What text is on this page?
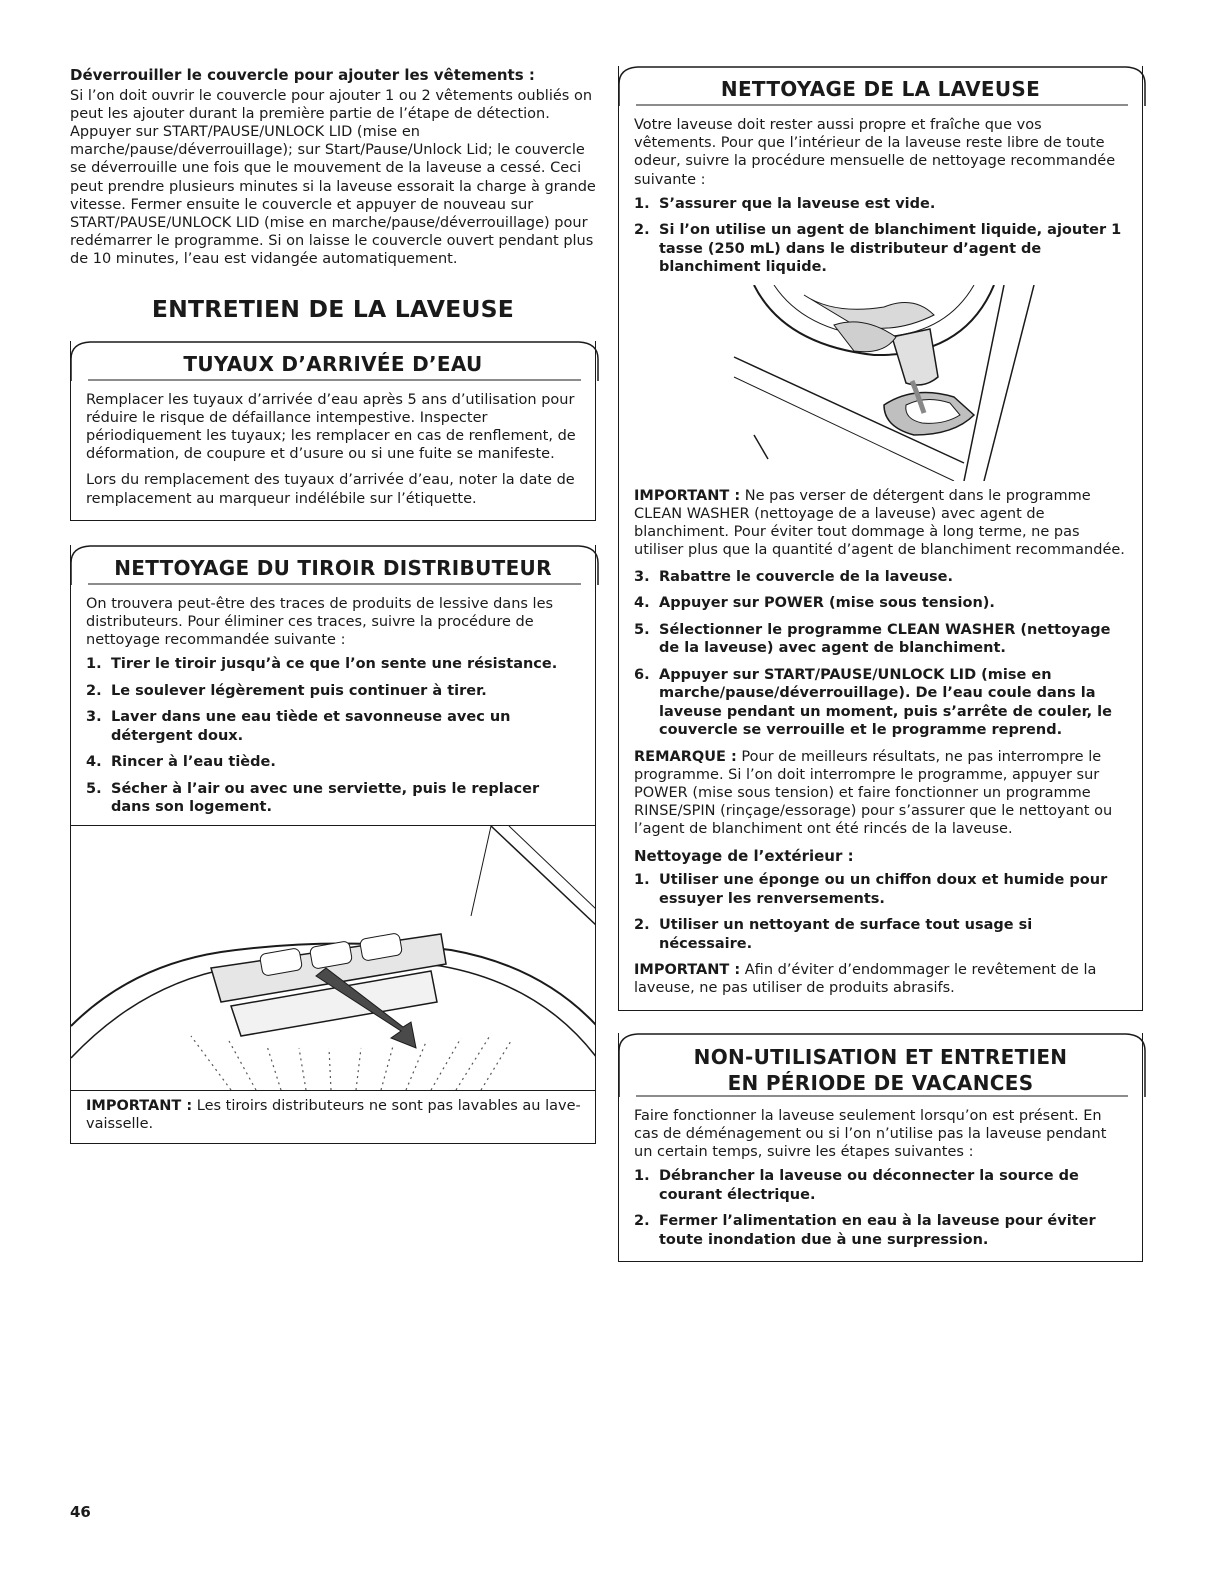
Déverrouiller le couvercle pour ajouter les vêtements :

Si l’on doit ouvrir le couvercle pour ajouter 1 ou 2 vêtements oubliés on peut les ajouter durant la première partie de l’étape de détection. Appuyer sur START/PAUSE/UNLOCK LID (mise en marche/pause/déverrouillage); sur Start/Pause/Unlock Lid; le couvercle se déverrouille une fois que le mouvement de la laveuse a cessé. Ceci peut prendre plusieurs minutes si la laveuse essorait la charge à grande vitesse. Fermer ensuite le couvercle et appuyer de nouveau sur START/PAUSE/UNLOCK LID (mise en marche/pause/déverrouillage) pour redémarrer le programme. Si on laisse le couvercle ouvert pendant plus de 10 minutes, l’eau est vidangée automatiquement.

ENTRETIEN DE LA LAVEUSE
TUYAUX D’ARRIVÉE D’EAU

Remplacer les tuyaux d’arrivée d’eau après 5 ans d’utilisation pour réduire le risque de défaillance intempestive. Inspecter périodiquement les tuyaux; les remplacer en cas de renflement, de déformation, de coupure et d’usure ou si une fuite se manifeste.

Lors du remplacement des tuyaux d’arrivée d’eau, noter la date de remplacement au marqueur indélébile sur l’étiquette.

NETTOYAGE DU TIROIR DISTRIBUTEUR

On trouvera peut-être des traces de produits de lessive dans les distributeurs. Pour éliminer ces traces, suivre la procédure de nettoyage recommandée suivante :

1. Tirer le tiroir jusqu’à ce que l’on sente une résistance.
2. Le soulever légèrement puis continuer à tirer.
3. Laver dans une eau tiède et savonneuse avec un détergent doux.
4. Rincer à l’eau tiède.
5. Sécher à l’air ou avec une serviette, puis le replacer dans son logement.

IMPORTANT : Les tiroirs distributeurs ne sont pas lavables au lave-vaisselle.

NETTOYAGE DE LA LAVEUSE

Votre laveuse doit rester aussi propre et fraîche que vos vêtements. Pour que l’intérieur de la laveuse reste libre de toute odeur, suivre la procédure mensuelle de nettoyage recommandée suivante :

1. S’assurer que la laveuse est vide.
2. Si l’on utilise un agent de blanchiment liquide, ajouter 1 tasse (250 mL) dans le distributeur d’agent de blanchiment liquide.

IMPORTANT : Ne pas verser de détergent dans le programme CLEAN WASHER (nettoyage de a laveuse) avec agent de blanchiment. Pour éviter tout dommage à long terme, ne pas utiliser plus que la quantité d’agent de blanchiment recommandée.

3. Rabattre le couvercle de la laveuse.
4. Appuyer sur POWER (mise sous tension).
5. Sélectionner le programme CLEAN WASHER (nettoyage de la laveuse) avec agent de blanchiment.
6. Appuyer sur START/PAUSE/UNLOCK LID (mise en marche/pause/déverrouillage). De l’eau coule dans la laveuse pendant un moment, puis s’arrête de couler, le couvercle se verrouille et le programme reprend.

REMARQUE : Pour de meilleurs résultats, ne pas interrompre le programme. Si l’on doit interrompre le programme, appuyer sur POWER (mise sous tension) et faire fonctionner un programme RINSE/SPIN (rinçage/essorage) pour s’assurer que le nettoyant ou l’agent de blanchiment ont été rincés de la laveuse.

Nettoyage de l’extérieur :
1. Utiliser une éponge ou un chiffon doux et humide pour essuyer les renversements.
2. Utiliser un nettoyant de surface tout usage si nécessaire.

IMPORTANT : Afin d’éviter d’endommager le revêtement de la laveuse, ne pas utiliser de produits abrasifs.

NON-UTILISATION ET ENTRETIEN
EN PÉRIODE DE VACANCES

Faire fonctionner la laveuse seulement lorsqu’on est présent. En cas de déménagement ou si l’on n’utilise pas la laveuse pendant un certain temps, suivre les étapes suivantes :

1. Débrancher la laveuse ou déconnecter la source de courant électrique.
2. Fermer l’alimentation en eau à la laveuse pour éviter toute inondation due à une surpression.
46
